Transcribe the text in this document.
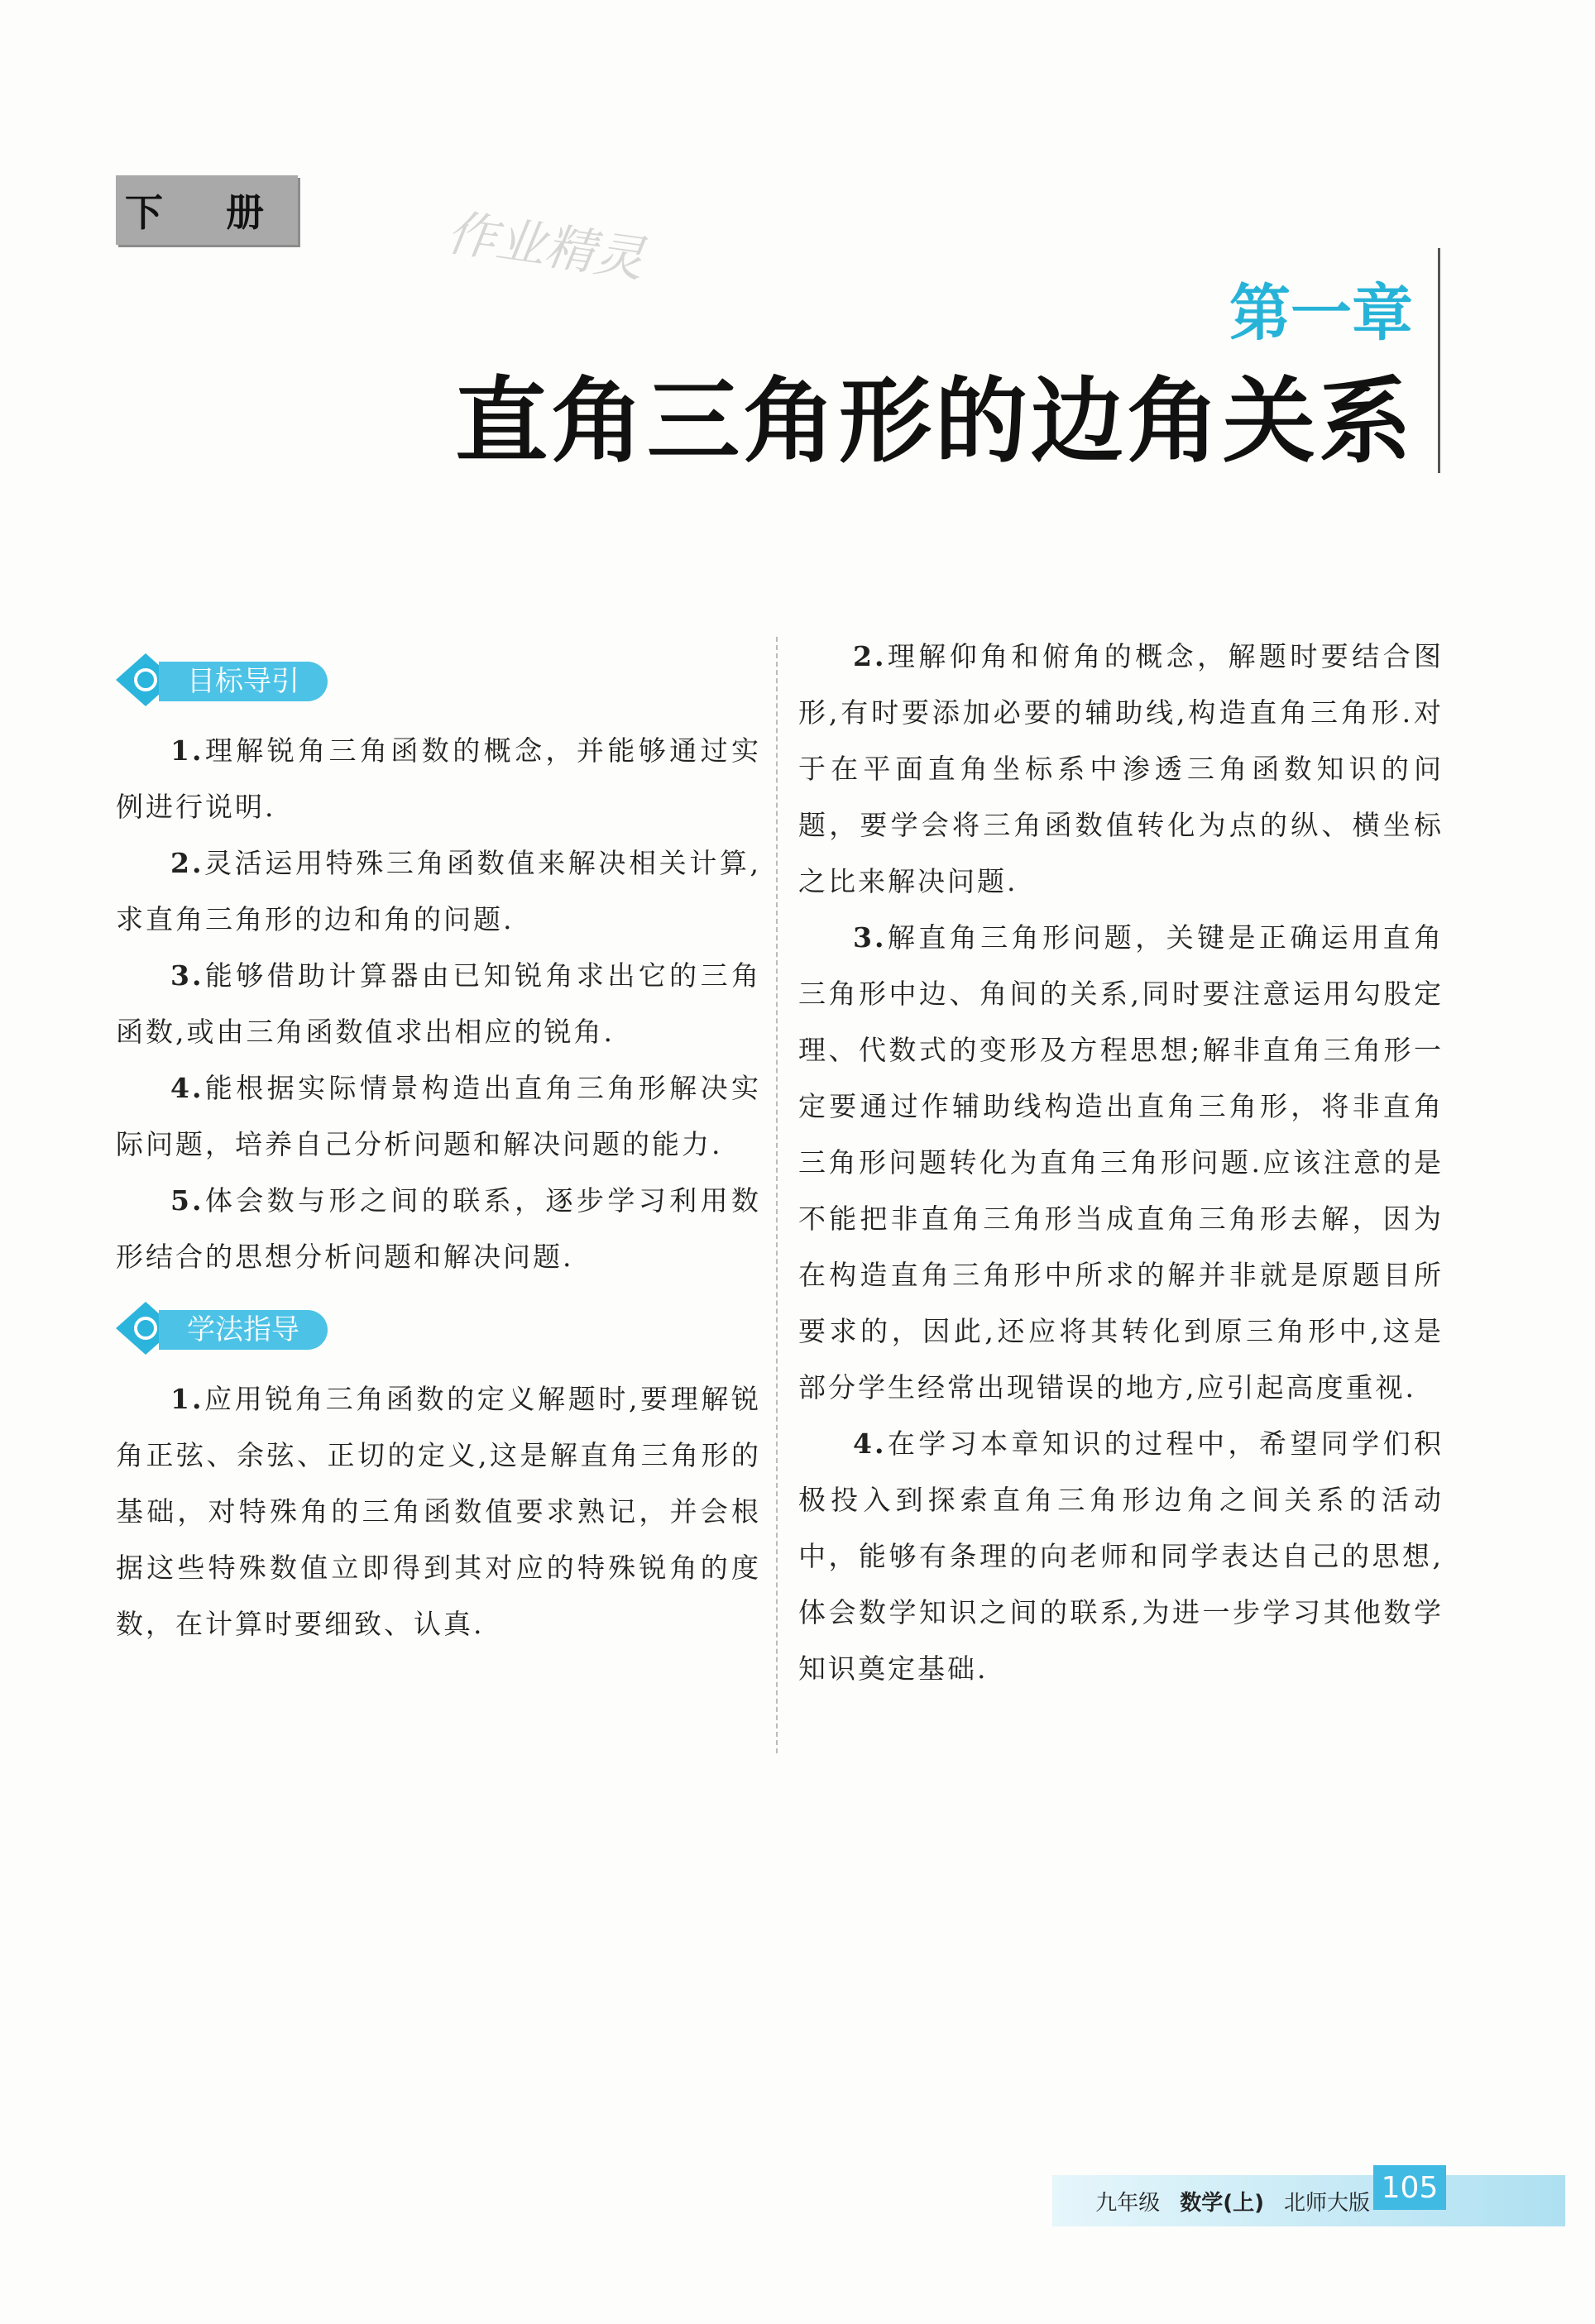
下 册	作业精灵
第一章
直角三角形的边角关系
目标导引

1.理解锐角三角函数的概念，并能够通过实例进行说明.

2.灵活运用特殊三角函数值来解决相关计算,求直角三角形的边和角的问题.

3.能够借助计算器由已知锐角求出它的三角函数,或由三角函数值求出相应的锐角.

4.能根据实际情景构造出直角三角形解决实际问题，培养自己分析问题和解决问题的能力.

5.体会数与形之间的联系，逐步学习利用数形结合的思想分析问题和解决问题.

学法指导

1.应用锐角三角函数的定义解题时,要理解锐角正弦、余弦、正切的定义,这是解直角三角形的基础，对特殊角的三角函数值要求熟记，并会根据这些特殊数值立即得到其对应的特殊锐角的度数，在计算时要细致、认真.

2.理解仰角和俯角的概念，解题时要结合图形,有时要添加必要的辅助线,构造直角三角形.对于在平面直角坐标系中渗透三角函数知识的问题，要学会将三角函数值转化为点的纵、横坐标之比来解决问题.

3.解直角三角形问题，关键是正确运用直角三角形中边、角间的关系,同时要注意运用勾股定理、代数式的变形及方程思想;解非直角三角形一定要通过作辅助线构造出直角三角形，将非直角三角形问题转化为直角三角形问题.应该注意的是不能把非直角三角形当成直角三角形去解，因为在构造直角三角形中所求的解并非就是原题目所要求的，因此,还应将其转化到原三角形中,这是部分学生经常出现错误的地方,应引起高度重视.

4.在学习本章知识的过程中，希望同学们积极投入到探索直角三角形边角之间关系的活动中，能够有条理的向老师和同学表达自己的思想,体会数学知识之间的联系,为进一步学习其他数学知识奠定基础.

九年级 数学(上) 北师大版 105
